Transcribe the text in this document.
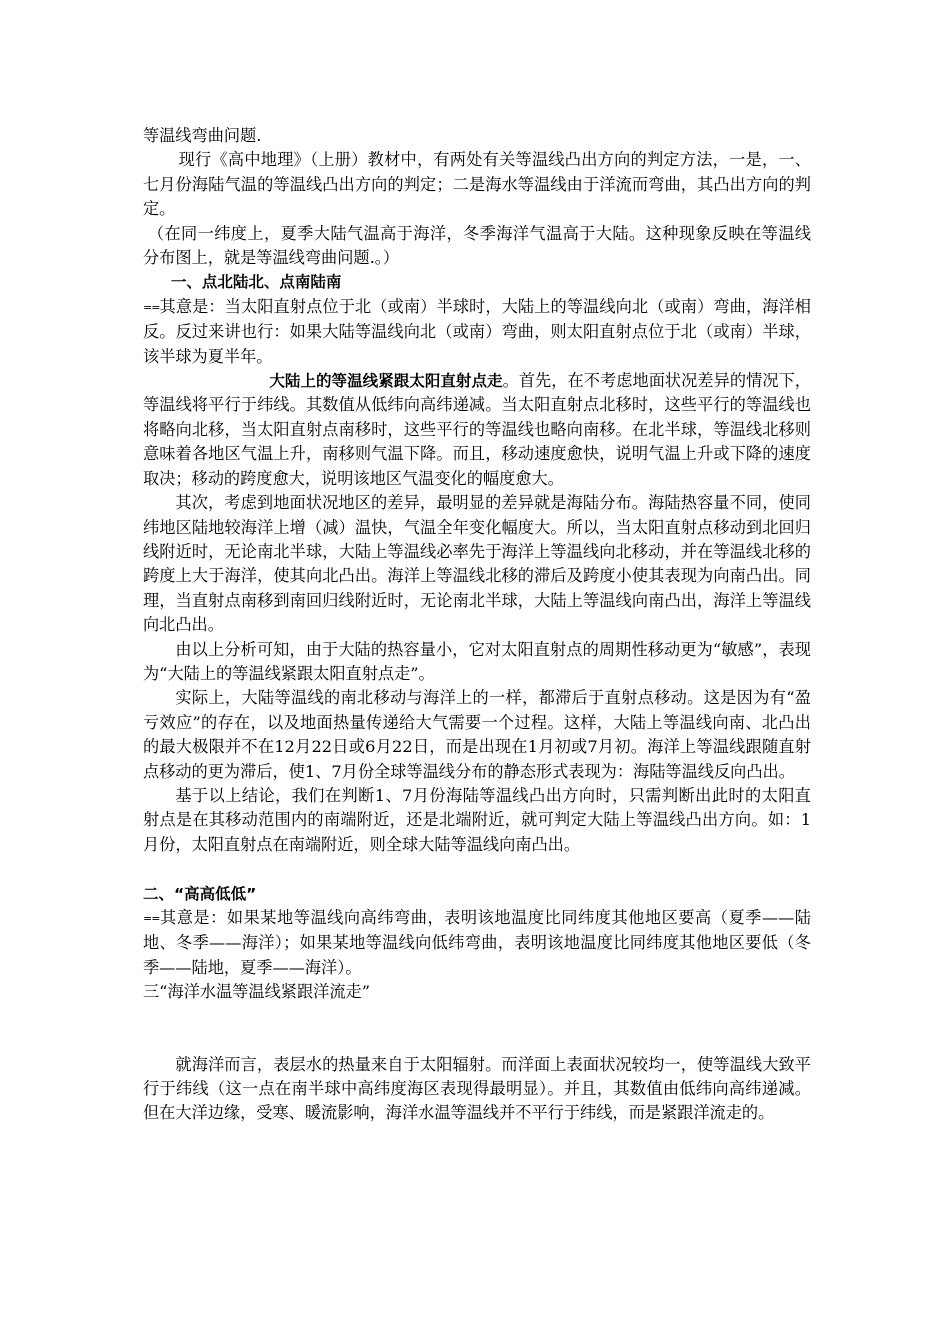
等温线弯曲问题.

现行《高中地理》（上册）教材中，有两处有关等温线凸出方向的判定方法，一是，一、七月份海陆气温的等温线凸出方向的判定；二是海水等温线由于洋流而弯曲，其凸出方向的判定。

（在同一纬度上，夏季大陆气温高于海洋，冬季海洋气温高于大陆。这种现象反映在等温线分布图上，就是等温线弯曲问题.。）

一、点北陆北、点南陆南

==其意是：当太阳直射点位于北（或南）半球时，大陆上的等温线向北（或南）弯曲，海洋相反。反过来讲也行：如果大陆等温线向北（或南）弯曲，则太阳直射点位于北（或南）半球，该半球为夏半年。

大陆上的等温线紧跟太阳直射点走。首先，在不考虑地面状况差异的情况下，等温线将平行于纬线。其数值从低纬向高纬递减。当太阳直射点北移时，这些平行的等温线也将略向北移，当太阳直射点南移时，这些平行的等温线也略向南移。在北半球，等温线北移则意味着各地区气温上升，南移则气温下降。而且，移动速度愈快，说明气温上升或下降的速度取决；移动的跨度愈大，说明该地区气温变化的幅度愈大。

其次，考虑到地面状况地区的差异，最明显的差异就是海陆分布。海陆热容量不同，使同纬地区陆地较海洋上增（减）温快，气温全年变化幅度大。所以，当太阳直射点移动到北回归线附近时，无论南北半球，大陆上等温线必率先于海洋上等温线向北移动，并在等温线北移的跨度上大于海洋，使其向北凸出。海洋上等温线北移的滞后及跨度小使其表现为向南凸出。同理，当直射点南移到南回归线附近时，无论南北半球，大陆上等温线向南凸出，海洋上等温线向北凸出。

由以上分析可知，由于大陆的热容量小，它对太阳直射点的周期性移动更为“敏感”，表现为“大陆上的等温线紧跟太阳直射点走”。

实际上，大陆等温线的南北移动与海洋上的一样，都滞后于直射点移动。这是因为有“盈亏效应”的存在，以及地面热量传递给大气需要一个过程。这样，大陆上等温线向南、北凸出的最大极限并不在12月22日或6月22日，而是出现在1月初或7月初。海洋上等温线跟随直射点移动的更为滞后，使1、7月份全球等温线分布的静态形式表现为：海陆等温线反向凸出。

基于以上结论，我们在判断1、7月份海陆等温线凸出方向时，只需判断出此时的太阳直射点是在其移动范围内的南端附近，还是北端附近，就可判定大陆上等温线凸出方向。如：1月份，太阳直射点在南端附近，则全球大陆等温线向南凸出。

二、“高高低低”

==其意是：如果某地等温线向高纬弯曲，表明该地温度比同纬度其他地区要高（夏季——陆地、冬季——海洋）；如果某地等温线向低纬弯曲，表明该地温度比同纬度其他地区要低（冬季——陆地，夏季——海洋）。

三“海洋水温等温线紧跟洋流走”

就海洋而言，表层水的热量来自于太阳辐射。而洋面上表面状况较均一，使等温线大致平行于纬线（这一点在南半球中高纬度海区表现得最明显）。并且，其数值由低纬向高纬递减。但在大洋边缘，受寒、暖流影响，海洋水温等温线并不平行于纬线，而是紧跟洋流走的。
